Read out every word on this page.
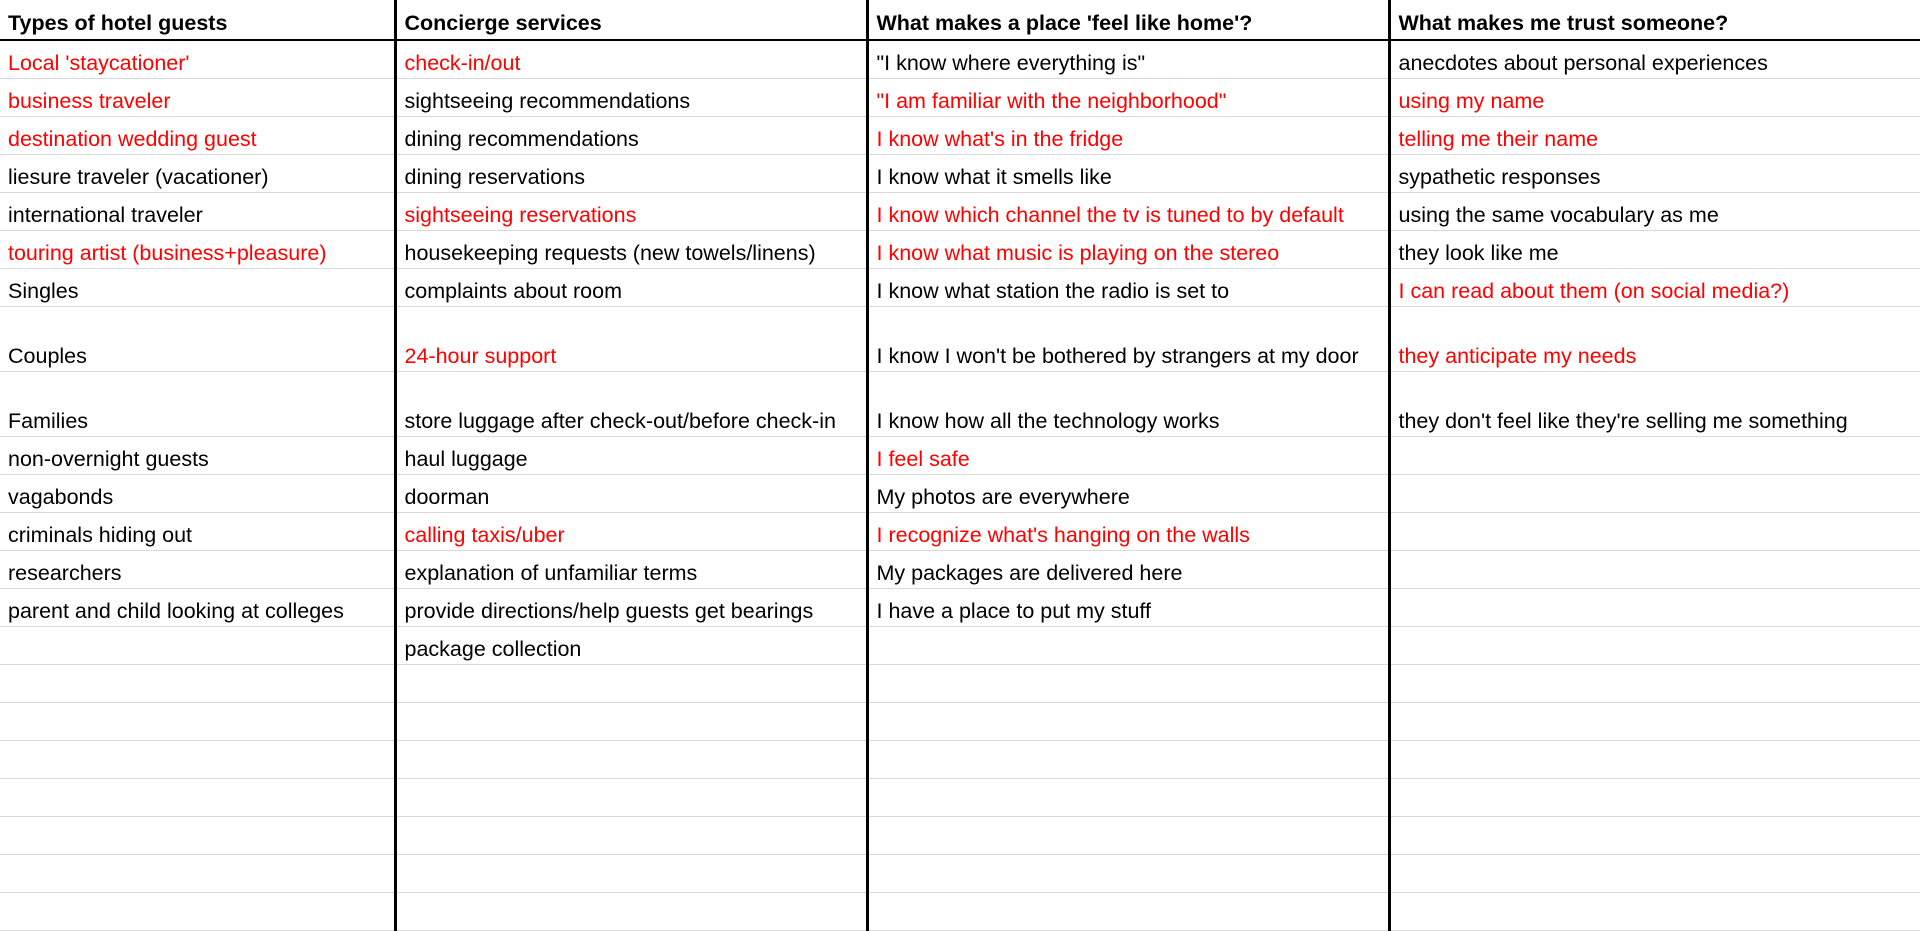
Types of hotel guests	Concierge services	What makes a place 'feel like home'?	What makes me trust someone?
Local 'staycationer'	check-in/out	"I know where everything is"	anecdotes about personal experiences
business traveler	sightseeing recommendations	"I am familiar with the neighborhood"	using my name
destination wedding guest	dining recommendations	I know what's in the fridge	telling me their name
liesure traveler (vacationer)	dining reservations	I know what it smells like	sypathetic responses
international traveler	sightseeing reservations	I know which channel the tv is tuned to by default	using the same vocabulary as me
touring artist (business+pleasure)	housekeeping requests (new towels/linens)	I know what music is playing on the stereo	they look like me
Singles	complaints about room	I know what station the radio is set to	I can read about them (on social media?)
Couples	24-hour support	I know I won't be bothered by strangers at my door	they anticipate my needs
Families	store luggage after check-out/before check-in	I know how all the technology works	they don't feel like they're selling me something
non-overnight guests	haul luggage	I feel safe	
vagabonds	doorman	My photos are everywhere	
criminals hiding out	calling taxis/uber	I recognize what's hanging on the walls	
researchers	explanation of unfamiliar terms	My packages are delivered here	
parent and child looking at colleges	provide directions/help guests get bearings	I have a place to put my stuff	
	package collection		
